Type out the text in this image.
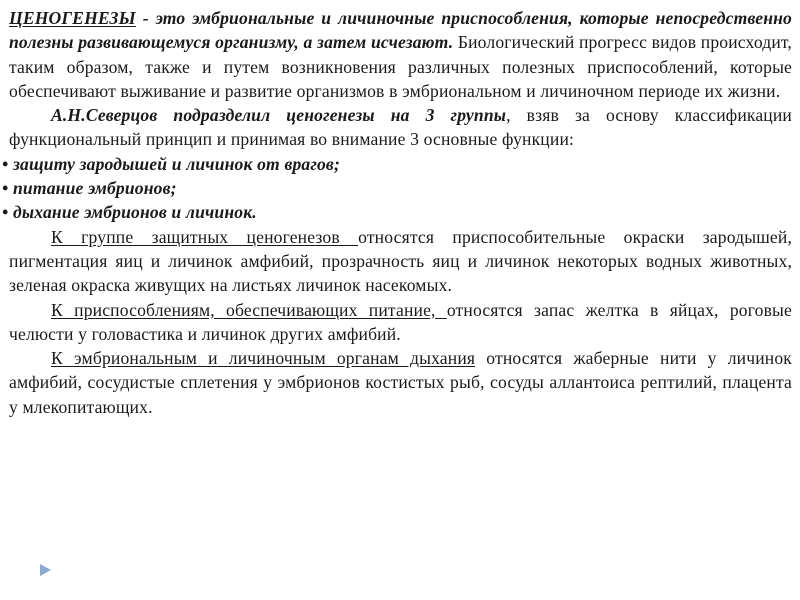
ЦЕНОГЕНЕЗЫ - это эмбриональные и личиночные приспособления, которые непосредственно полезны развивающемуся организму, а затем исчезают. Биологический прогресс видов происходит, таким образом, также и путем возникновения различных полезных приспособлений, которые обеспечивают выживание и развитие организмов в эмбриональном и личиночном периоде их жизни.

А.Н.Северцов подразделил ценогенезы на 3 группы, взяв за основу классификации функциональный принцип и принимая во внимание 3 основные функции:

• защиту зародышей и личинок от врагов;
• питание эмбрионов;
• дыхание эмбрионов и личинок.

К группе защитных ценогенезов относятся приспособительные окраски зародышей, пигментация яиц и личинок амфибий, прозрачность яиц и личинок некоторых водных животных, зеленая окраска живущих на листьях личинок насекомых.

К приспособлениям, обеспечивающих питание, относятся запас желтка в яйцах, роговые челюсти у головастика и личинок других амфибий.

К эмбриональным и личиночным органам дыхания относятся жаберные нити у личинок амфибий, сосудистые сплетения у эмбрионов костистых рыб, сосуды аллантоиса рептилий, плацента у млекопитающих.
